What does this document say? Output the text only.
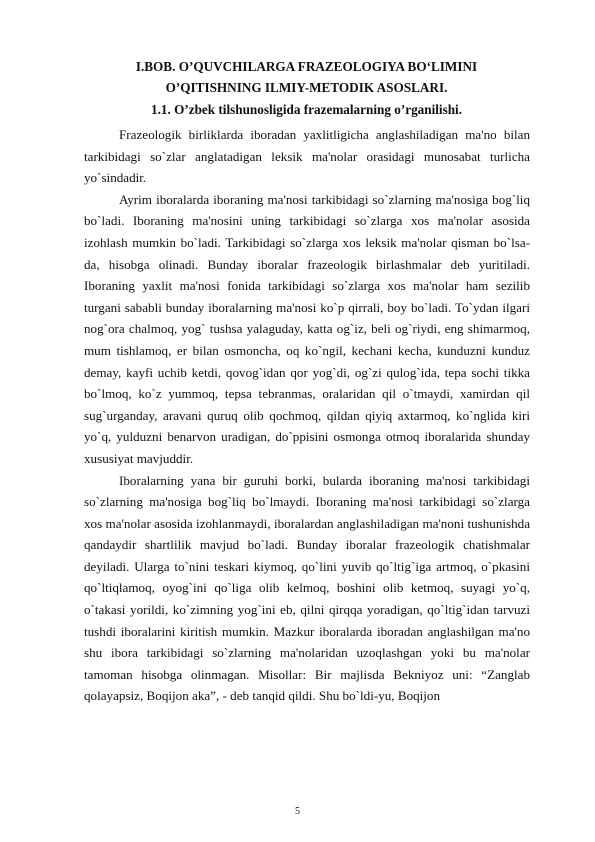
I.BOB. O’QUVCHILARGA FRAZEOLOGIYA BO‘LIMINI
O’QITISHNING ILMIY-METODIK ASOSLARI.
1.1. O’zbek tilshunosligida frazemalarning o’rganilishi.

Frazeologik birliklarda iboradan yaxlitligicha anglashiladigan ma'no bilan tarkibidagi so`zlar anglatadigan leksik ma'nolar orasidagi munosabat turlicha yo`sindadir.

Ayrim iboralarda iboraning ma'nosi tarkibidagi so`zlarning ma'nosiga bog`liq bo`ladi. Iboraning ma'nosini uning tarkibidagi so`zlarga xos ma'nolar asosida izohlash mumkin bo`ladi. Tarkibidagi so`zlarga xos leksik ma'nolar qisman bo`lsa-da, hisobga olinadi. Bunday iboralar frazeologik birlashmalar deb yuritiladi. Iboraning yaxlit ma'nosi fonida tarkibidagi so`zlarga xos ma'nolar ham sezilib turgani sababli bunday iboralarning ma'nosi ko`p qirrali, boy bo`ladi. To`ydan ilgari nog`ora chalmoq, yog` tushsa yalaguday, katta og`iz, beli og`riydi, eng shimarmoq, mum tishlamoq, er bilan osmoncha, oq ko`ngil, kechani kecha, kunduzni kunduz demay, kayfi uchib ketdi, qovog`idan qor yog`di, og`zi qulog`ida, tepa sochi tikka bo`lmoq, ko`z yummoq, tepsa tebranmas, oralaridan qil o`tmaydi, xamirdan qil sug`urganday, aravani quruq olib qochmoq, qildan qiyiq axtarmoq, ko`nglida kiri yo`q, yulduzni benarvon uradigan, do`ppisini osmonga otmoq iboralarida shunday xususiyat mavjuddir.

Iboralarning yana bir guruhi borki, bularda iboraning ma'nosi tarkibidagi so`zlarning ma'nosiga bog`liq bo`lmaydi. Iboraning ma'nosi tarkibidagi so`zlarga xos ma'nolar asosida izohlanmaydi, iboralardan anglashiladigan ma'noni tushunishda qandaydir shartlilik mavjud bo`ladi. Bunday iboralar frazeologik chatishmalar deyiladi. Ularga to`nini teskari kiymoq, qo`lini yuvib qo`ltig`iga artmoq, o`pkasini qo`ltiqlamoq, oyog`ini qo`liga olib kelmoq, boshini olib ketmoq, suyagi yo`q, o`takasi yorildi, ko`zimning yog`ini eb, qilni qirqqa yoradigan, qo`ltig`idan tarvuzi tushdi iboralarini kiritish mumkin. Mazkur iboralarda iboradan anglashilgan ma'no shu ibora tarkibidagi so`zlarning ma'nolaridan uzoqlashgan yoki bu ma'nolar tamoman hisobga olinmagan. Misollar: Bir majlisda Bekniyoz uni: “Zanglab qolayapsiz, Boqijon aka”, - deb tanqid qildi. Shu bo`ldi-yu, Boqijon

5
